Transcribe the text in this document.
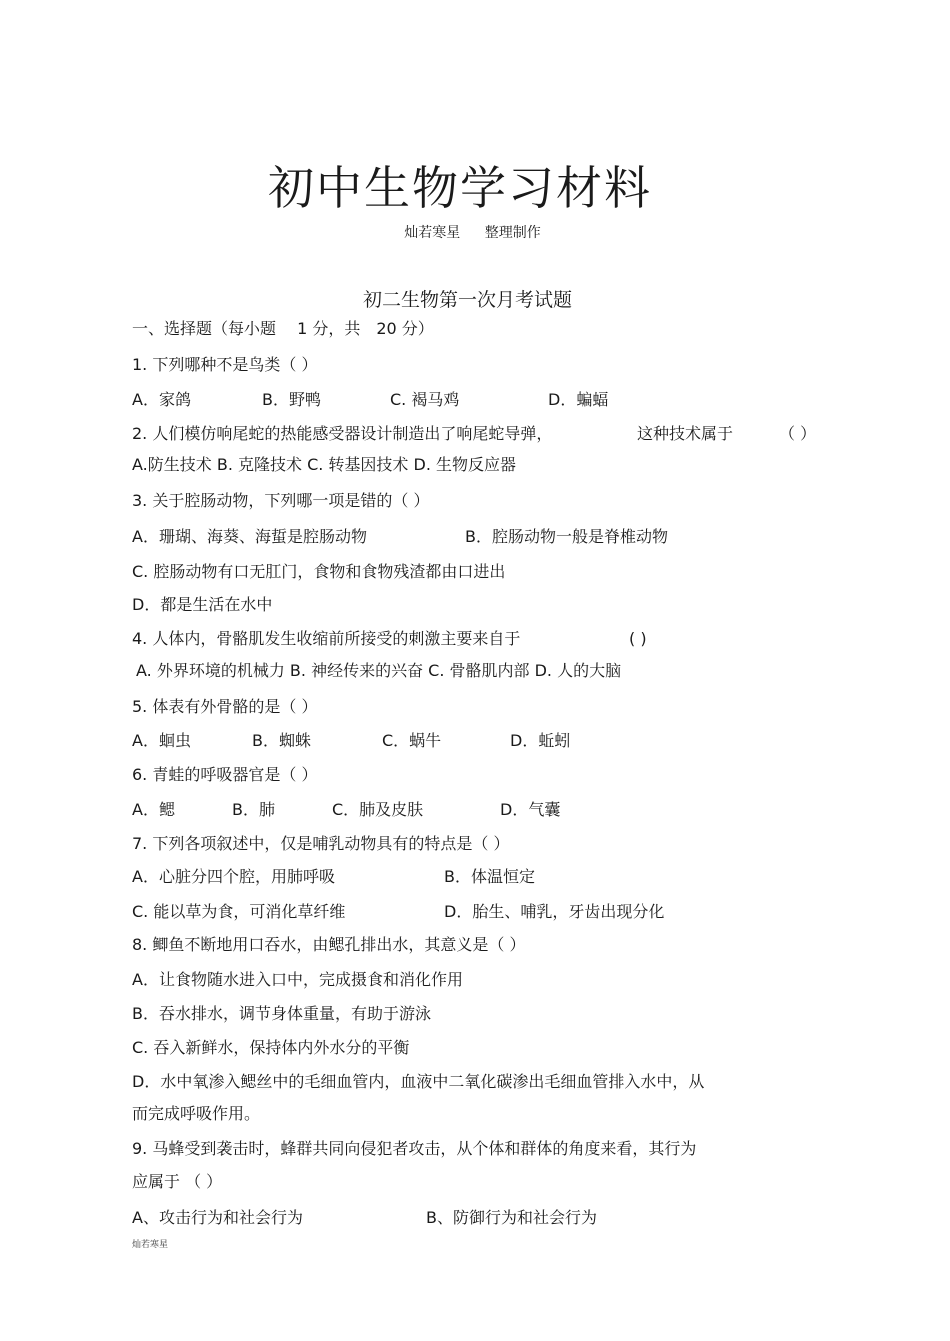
初中生物学习材料
灿若寒星 整理制作
初二生物第一次月考试题
一、选择题（每小题　 1 分，共　20 分）
1. 下列哪种不是鸟类（ ）
A．家鸽	B．野鸭	C. 褐马鸡	D．蝙蝠
2. 人们模仿响尾蛇的热能感受器设计制造出了响尾蛇导弹，	这种技术属于	（ ）
A.防生技术 B. 克隆技术 C. 转基因技术 D. 生物反应器
3. 关于腔肠动物，下列哪一项是错的（ ）
A．珊瑚、海葵、海蜇是腔肠动物	B．腔肠动物一般是脊椎动物
C. 腔肠动物有口无肛门，食物和食物残渣都由口进出
D．都是生活在水中
4. 人体内，骨骼肌发生收缩前所接受的刺激主要来自于	( )
A. 外界环境的机械力 B. 神经传来的兴奋 C. 骨骼肌内部 D. 人的大脑
5. 体表有外骨骼的是（ ）
A．蛔虫	B．蜘蛛	C．蜗牛	D．蚯蚓
6. 青蛙的呼吸器官是（ ）
A．鳃	B．肺	C．肺及皮肤	D．气囊
7. 下列各项叙述中，仅是哺乳动物具有的特点是（ ）
A．心脏分四个腔，用肺呼吸	B．体温恒定
C. 能以草为食，可消化草纤维	D．胎生、哺乳，牙齿出现分化
8. 鲫鱼不断地用口吞水，由鳃孔排出水，其意义是（ ）
A．让食物随水进入口中，完成摄食和消化作用
B．吞水排水，调节身体重量，有助于游泳
C. 吞入新鲜水，保持体内外水分的平衡
D．水中氧渗入鳃丝中的毛细血管内，血液中二氧化碳渗出毛细血管排入水中，从
而完成呼吸作用。
9. 马蜂受到袭击时，蜂群共同向侵犯者攻击，从个体和群体的角度来看，其行为
应属于 （ ）
A、攻击行为和社会行为	B、防御行为和社会行为
灿若寒星
